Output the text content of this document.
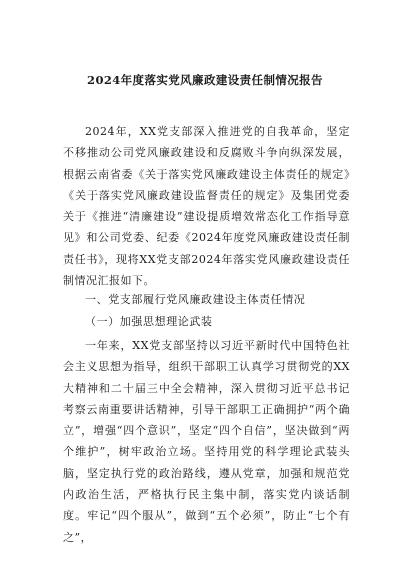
2024年度落实党风廉政建设责任制情况报告

2024年，XX党支部深入推进党的自我革命，坚定不移推动公司党风廉政建设和反腐败斗争向纵深发展，根据云南省委《关于落实党风廉政建设主体责任的规定》《关于落实党风廉政建设监督责任的规定》及集团党委关于《推进“清廉建设”建设提质增效常态化工作指导意见》和公司党委、纪委《2024年度党风廉政建设责任制责任书》，现将XX党支部2024年落实党风廉政建设责任制情况汇报如下。

一、党支部履行党风廉政建设主体责任情况

（一）加强思想理论武装

一年来，XX党支部坚持以习近平新时代中国特色社会主义思想为指导，组织干部职工认真学习贯彻党的XX大精神和二十届三中全会精神，深入贯彻习近平总书记考察云南重要讲话精神，引导干部职工正确拥护“两个确立”，增强“四个意识”，坚定“四个自信”，坚决做到“两个维护”，树牢政治立场。坚持用党的科学理论武装头脑，坚定执行党的政治路线，遵从党章，加强和规范党内政治生活，严格执行民主集中制，落实党内谈话制度。牢记“四个服从”，做到“五个必须”，防止“七个有之”，
